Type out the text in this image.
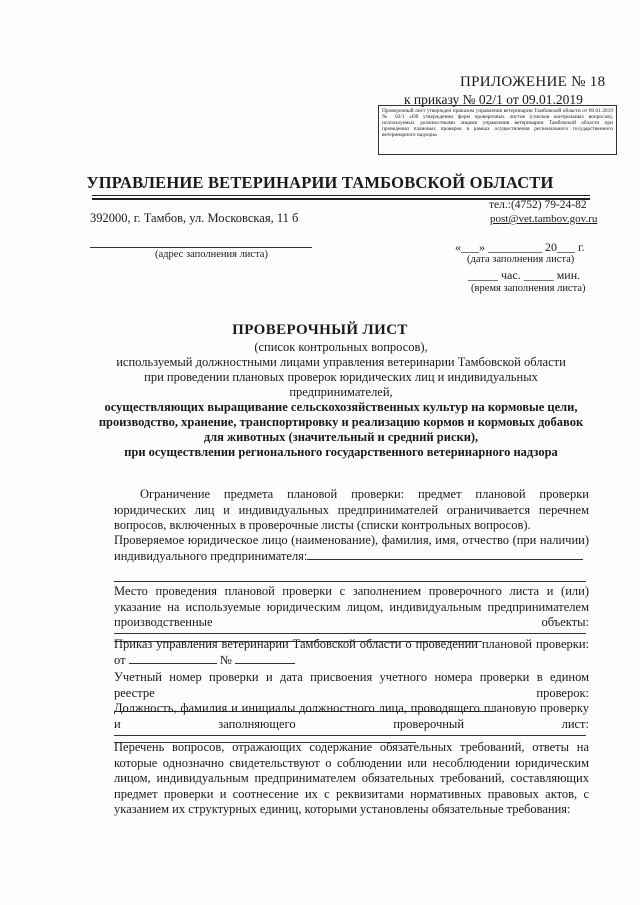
ПРИЛОЖЕНИЕ № 18
к приказу № 02/1 от 09.01.2019
Проверочный лист утвержден приказом управления ветеринарии Тамбовской области от 09.01.2019 № 02/1 «Об утверждении форм проверочных листов (списков контрольных вопросов), используемых должностными лицами управления ветеринарии Тамбовской области при проведении плановых проверок в рамках осуществления регионального государственного ветеринарного надзора»
УПРАВЛЕНИЕ ВЕТЕРИНАРИИ ТАМБОВСКОЙ ОБЛАСТИ
392000, г. Тамбов, ул. Московская, 11 б
тел.:(4752) 79-24-82
post@vet.tambov.gov.ru
(адрес заполнения листа)
«___» _________ 20___ г.
(дата заполнения листа)
_____ час. _____ мин.
(время заполнения листа)
ПРОВЕРОЧНЫЙ ЛИСТ
(список контрольных вопросов),
используемый должностными лицами управления ветеринарии Тамбовской области
при проведении плановых проверок юридических лиц и индивидуальных
предпринимателей,
осуществляющих выращивание сельскохозяйственных культур на кормовые цели,
производство, хранение, транспортировку и реализацию кормов и кормовых добавок
для животных (значительный и средний риски),
при осуществлении регионального государственного ветеринарного надзора
Ограничение предмета плановой проверки: предмет плановой проверки юридических лиц и индивидуальных предпринимателей ограничивается перечнем вопросов, включенных в проверочные листы (списки контрольных вопросов).
Проверяемое юридическое лицо (наименование), фамилия, имя, отчество (при наличии) индивидуального предпринимателя:
Место проведения плановой проверки с заполнением проверочного листа и (или) указание на используемые юридическим лицом, индивидуальным предпринимателем производственные объекты:
Приказ управления ветеринарии Тамбовской области о проведении плановой проверки: от	№
Учетный номер проверки и дата присвоения учетного номера проверки в едином реестре проверок:
Должность, фамилия и инициалы должностного лица, проводящего плановую проверку и заполняющего проверочный лист:
Перечень вопросов, отражающих содержание обязательных требований, ответы на которые однозначно свидетельствуют о соблюдении или несоблюдении юридическим лицом, индивидуальным предпринимателем обязательных требований, составляющих предмет проверки и соотнесение их с реквизитами нормативных правовых актов, с указанием их структурных единиц, которыми установлены обязательные требования:
